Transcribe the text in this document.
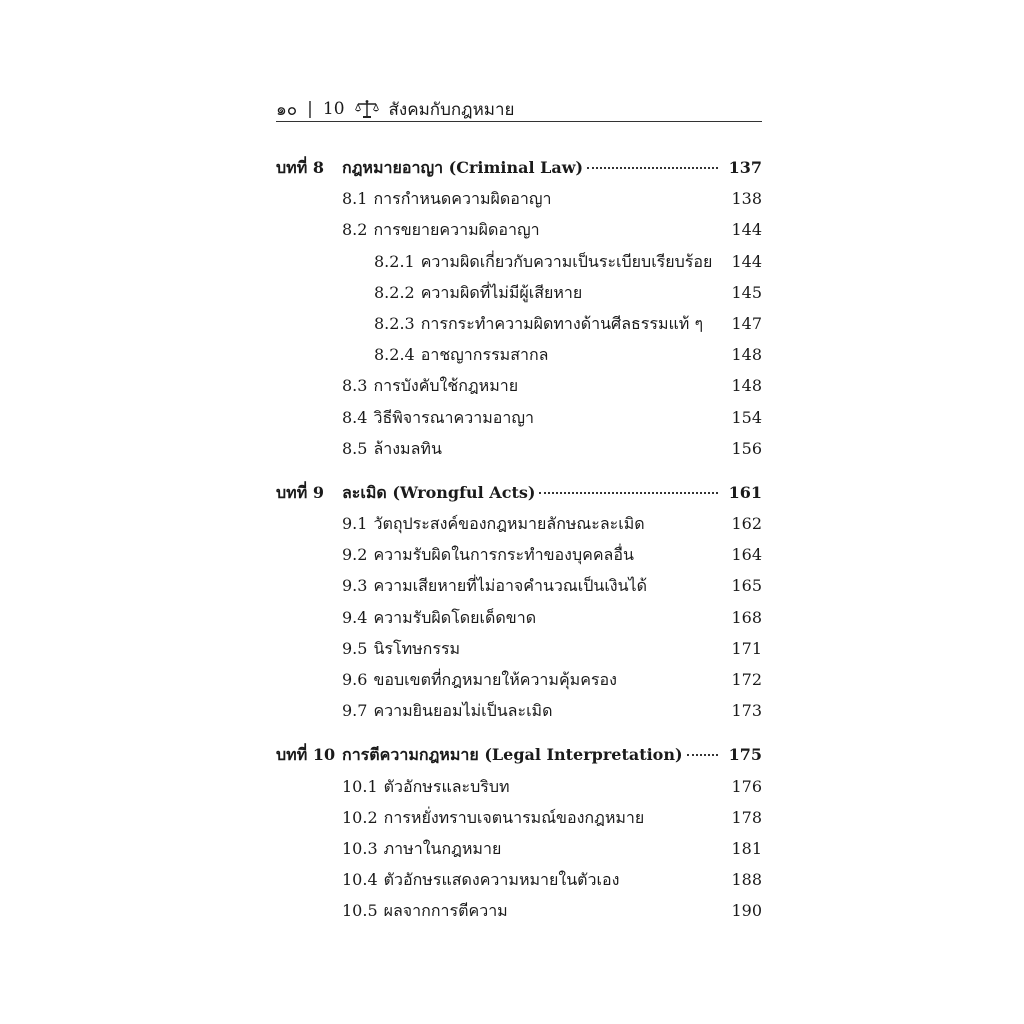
๑๐ | 10	สังคมกับกฎหมาย
บทที่ 8	กฎหมายอาญา (Criminal Law)	137
8.1 การกำหนดความผิดอาญา	138
8.2 การขยายความผิดอาญา	144
8.2.1 ความผิดเกี่ยวกับความเป็นระเบียบเรียบร้อย	144
8.2.2 ความผิดที่ไม่มีผู้เสียหาย	145
8.2.3 การกระทำความผิดทางด้านศีลธรรมแท้ ๆ	147
8.2.4 อาชญากรรมสากล	148
8.3 การบังคับใช้กฎหมาย	148
8.4 วิธีพิจารณาความอาญา	154
8.5 ล้างมลทิน	156
บทที่ 9	ละเมิด (Wrongful Acts)	161
9.1 วัตถุประสงค์ของกฎหมายลักษณะละเมิด	162
9.2 ความรับผิดในการกระทำของบุคคลอื่น	164
9.3 ความเสียหายที่ไม่อาจคำนวณเป็นเงินได้	165
9.4 ความรับผิดโดยเด็ดขาด	168
9.5 นิรโทษกรรม	171
9.6 ขอบเขตที่กฎหมายให้ความคุ้มครอง	172
9.7 ความยินยอมไม่เป็นละเมิด	173
บทที่ 10 การตีความกฎหมาย (Legal Interpretation)	175
10.1 ตัวอักษรและบริบท	176
10.2 การหยั่งทราบเจตนารมณ์ของกฎหมาย	178
10.3 ภาษาในกฎหมาย	181
10.4 ตัวอักษรแสดงความหมายในตัวเอง	188
10.5 ผลจากการตีความ	190
